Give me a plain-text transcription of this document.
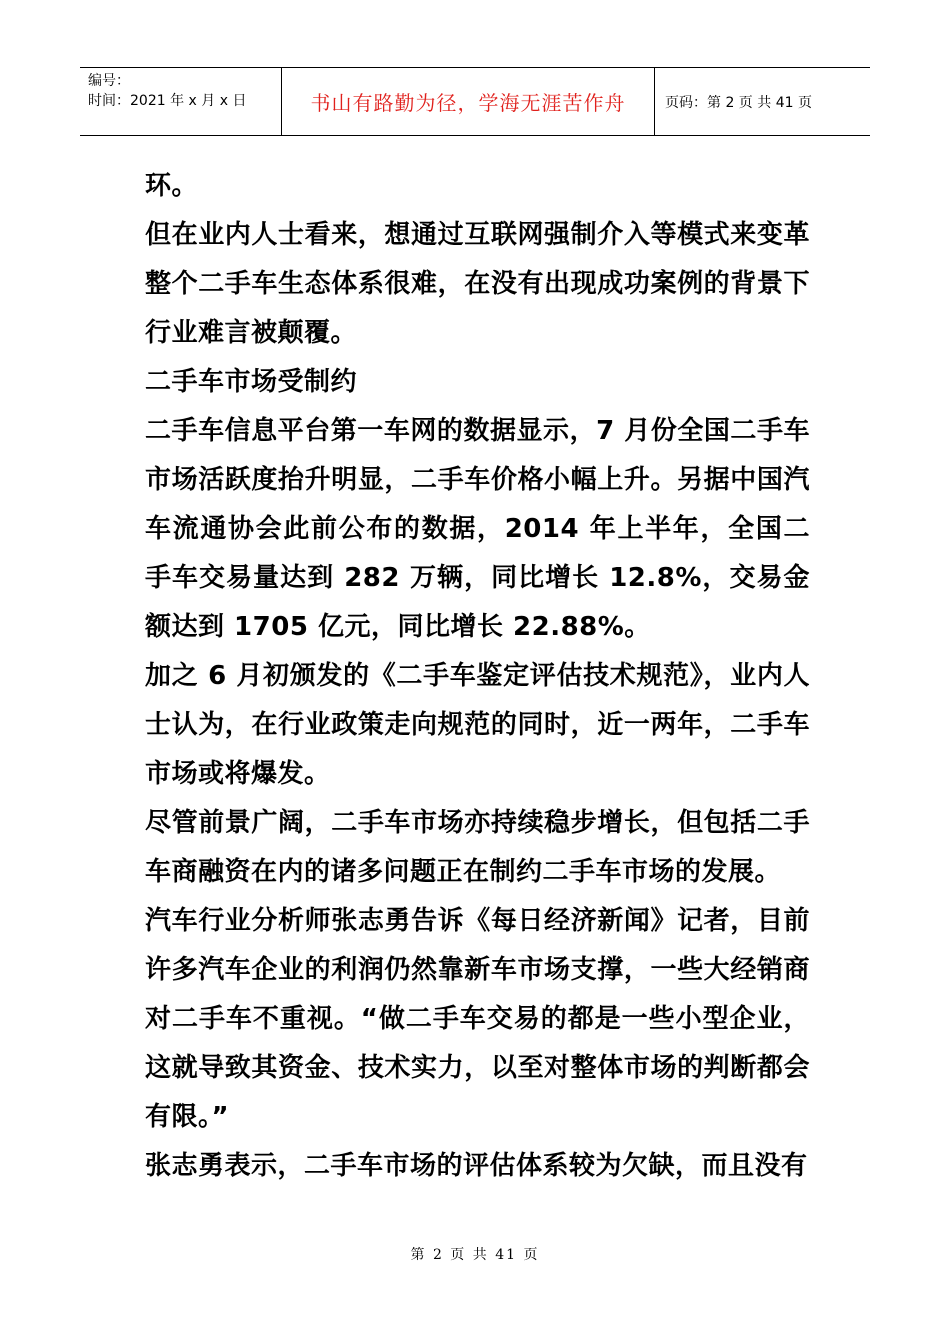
编号：
时间：2021 年 x 月 x 日	书山有路勤为径，学海无涯苦作舟	页码：第 2 页 共 41 页

环。

但在业内人士看来，想通过互联网强制介入等模式来变革整个二手车生态体系很难，在没有出现成功案例的背景下行业难言被颠覆。

二手车市场受制约

二手车信息平台第一车网的数据显示，7 月份全国二手车市场活跃度抬升明显，二手车价格小幅上升。另据中国汽车流通协会此前公布的数据，2014 年上半年，全国二手车交易量达到 282 万辆，同比增长 12.8%，交易金额达到 1705 亿元，同比增长 22.88%。

加之 6 月初颁发的《二手车鉴定评估技术规范》，业内人士认为，在行业政策走向规范的同时，近一两年，二手车市场或将爆发。

尽管前景广阔，二手车市场亦持续稳步增长，但包括二手车商融资在内的诸多问题正在制约二手车市场的发展。

汽车行业分析师张志勇告诉《每日经济新闻》记者，目前许多汽车企业的利润仍然靠新车市场支撑，一些大经销商对二手车不重视。“做二手车交易的都是一些小型企业，这就导致其资金、技术实力，以至对整体市场的判断都会有限。”

张志勇表示，二手车市场的评估体系较为欠缺，而且没有

第 2 页 共 41 页
